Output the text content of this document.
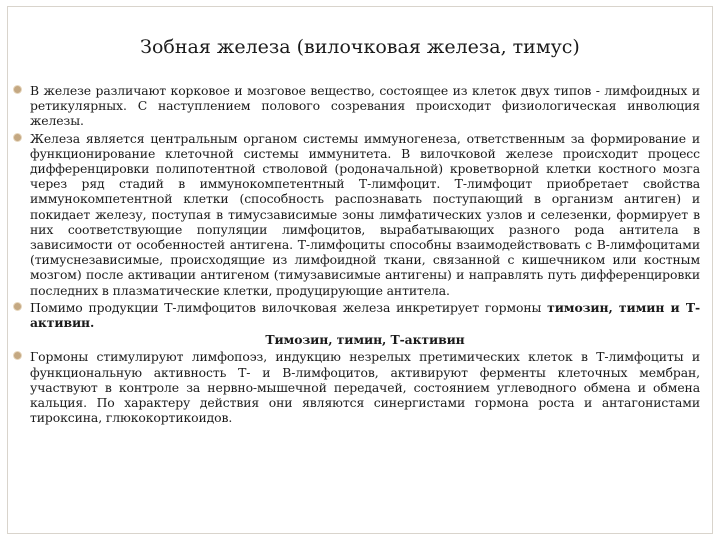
Зобная железа (вилочковая железа, тимус)
В железе различают корковое и мозговое вещество, состоящее из клеток двух типов - лимфоидных и ретикулярных. С наступлением полового созревания происходит физиологическая инволюция железы.
Железа является центральным органом системы иммуногенеза, ответственным за формирование и функционирование клеточной системы иммунитета. В вилочковой железе происходит процесс дифференцировки полипотентной стволовой (родоначальной) кроветворной клетки костного мозга через ряд стадий в иммунокомпетентный Т-лимфоцит. Т-лимфоцит приобретает свойства иммунокомпетентной клетки (способность распознавать поступающий в организм антиген) и покидает железу, поступая в тимусзависимые зоны лимфатических узлов и селезенки, формирует в них соответствующие популяции лимфоцитов, вырабатывающих разного рода антитела в зависимости от особенностей антигена. Т-лимфоциты способны взаимодействовать с В-лимфоцитами (тимуснезависимые, происходящие из лимфоидной ткани, связанной с кишечником или костным мозгом) после активации антигеном (тимузависимые антигены) и направлять путь дифференцировки последних в плазматические клетки, продуцирующие антитела.
Помимо продукции Т-лимфоцитов вилочковая железа инкретирует гормоны тимозин, тимин и Т-активин.
Тимозин, тимин, Т-активин
Гормоны стимулируют лимфопоэз, индукцию незрелых претимических клеток в Т-лимфоциты и функциональную активность Т- и В-лимфоцитов, активируют ферменты клеточных мембран, участвуют в контроле за нервно-мышечной передачей, состоянием углеводного обмена и обмена кальция. По характеру действия они являются синергистами гормона роста и антагонистами тироксина, глюкокортикоидов.
